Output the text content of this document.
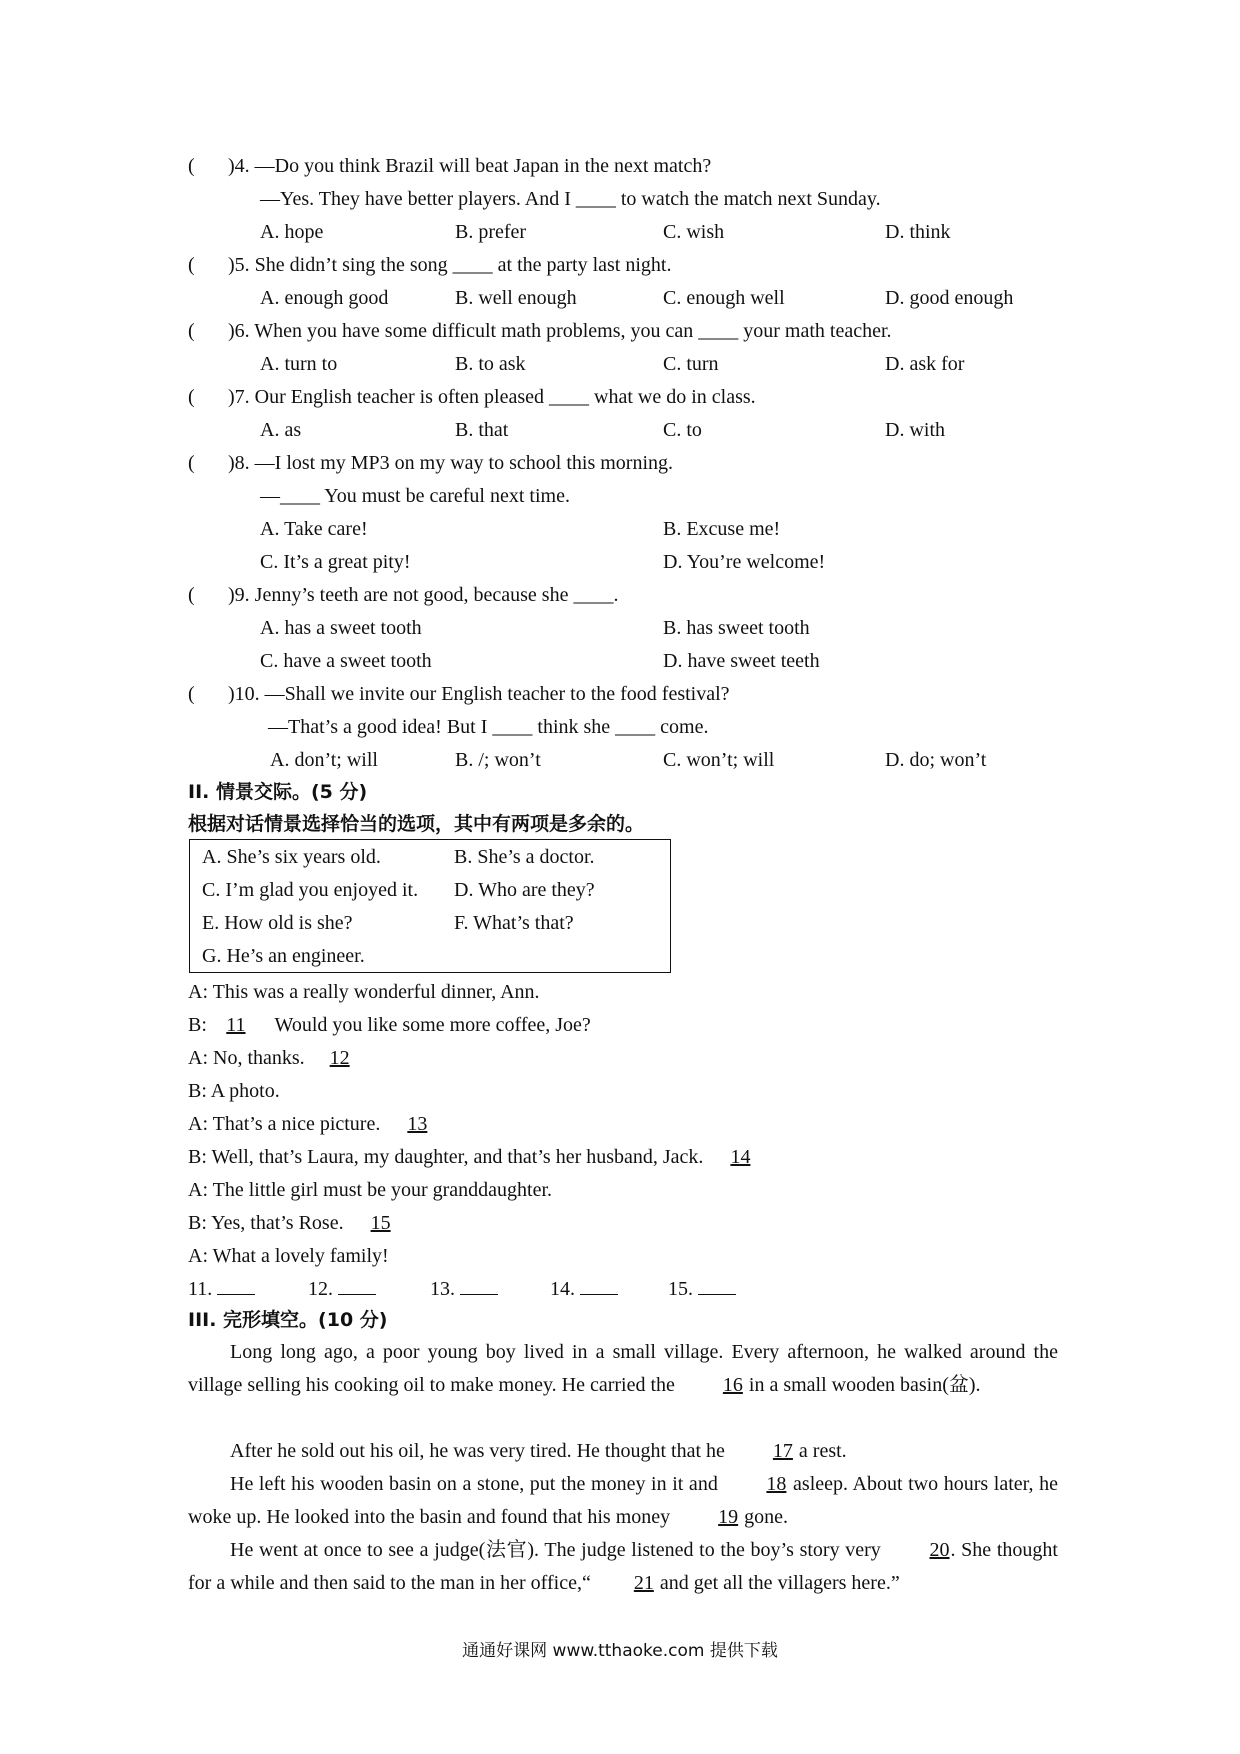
( )4. —Do you think Brazil will beat Japan in the next match?
—Yes. They have better players. And I ____ to watch the match next Sunday.
A. hope	B. prefer	C. wish	D. think
( )5. She didn’t sing the song ____ at the party last night.
A. enough good	B. well enough	C. enough well	D. good enough
( )6. When you have some difficult math problems, you can ____ your math teacher.
A. turn to	B. to ask	C. turn	D. ask for
( )7. Our English teacher is often pleased ____ what we do in class.
A. as	B. that	C. to	D. with
( )8. —I lost my MP3 on my way to school this morning.
—____ You must be careful next time.
A. Take care!	B. Excuse me!
C. It’s a great pity!	D. You’re welcome!
( )9. Jenny’s teeth are not good, because she ____.
A. has a sweet tooth	B. has sweet tooth
C. have a sweet tooth	D. have sweet teeth
( )10. —Shall we invite our English teacher to the food festival?
—That’s a good idea! But I ____ think she ____ come.
A. don’t; will	B. /; won’t	C. won’t; will	D. do; won’t
II. 情景交际。(5 分)
根据对话情景选择恰当的选项，其中有两项是多余的。
A. She’s six years old.	B. She’s a doctor.
C. I’m glad you enjoyed it. D. Who are they?
E. How old is she?	F. What’s that?
G. He’s an engineer.
A: This was a really wonderful dinner, Ann.
B: 11  Would you like some more coffee, Joe?
A: No, thanks. 12
B: A photo.
A: That’s a nice picture. 13
B: Well, that’s Laura, my daughter, and that’s her husband, Jack. 14
A: The little girl must be your granddaughter.
B: Yes, that’s Rose. 15
A: What a lovely family!
11.	12.	13.	14.	15.
III. 完形填空。(10 分)
Long long ago, a poor young boy lived in a small village. Every afternoon, he walked around the village selling his cooking oil to make money. He carried the 16 in a small wooden basin(盆).
After he sold out his oil, he was very tired. He thought that he 17 a rest.
He left his wooden basin on a stone, put the money in it and 18 asleep. About two hours later, he woke up. He looked into the basin and found that his money 19 gone.
He went at once to see a judge(法官). The judge listened to the boy’s story very 20. She thought for a while and then said to the man in her office,“ 21 and get all the villagers here.”
通通好课网 www.tthaoke.com 提供下载
